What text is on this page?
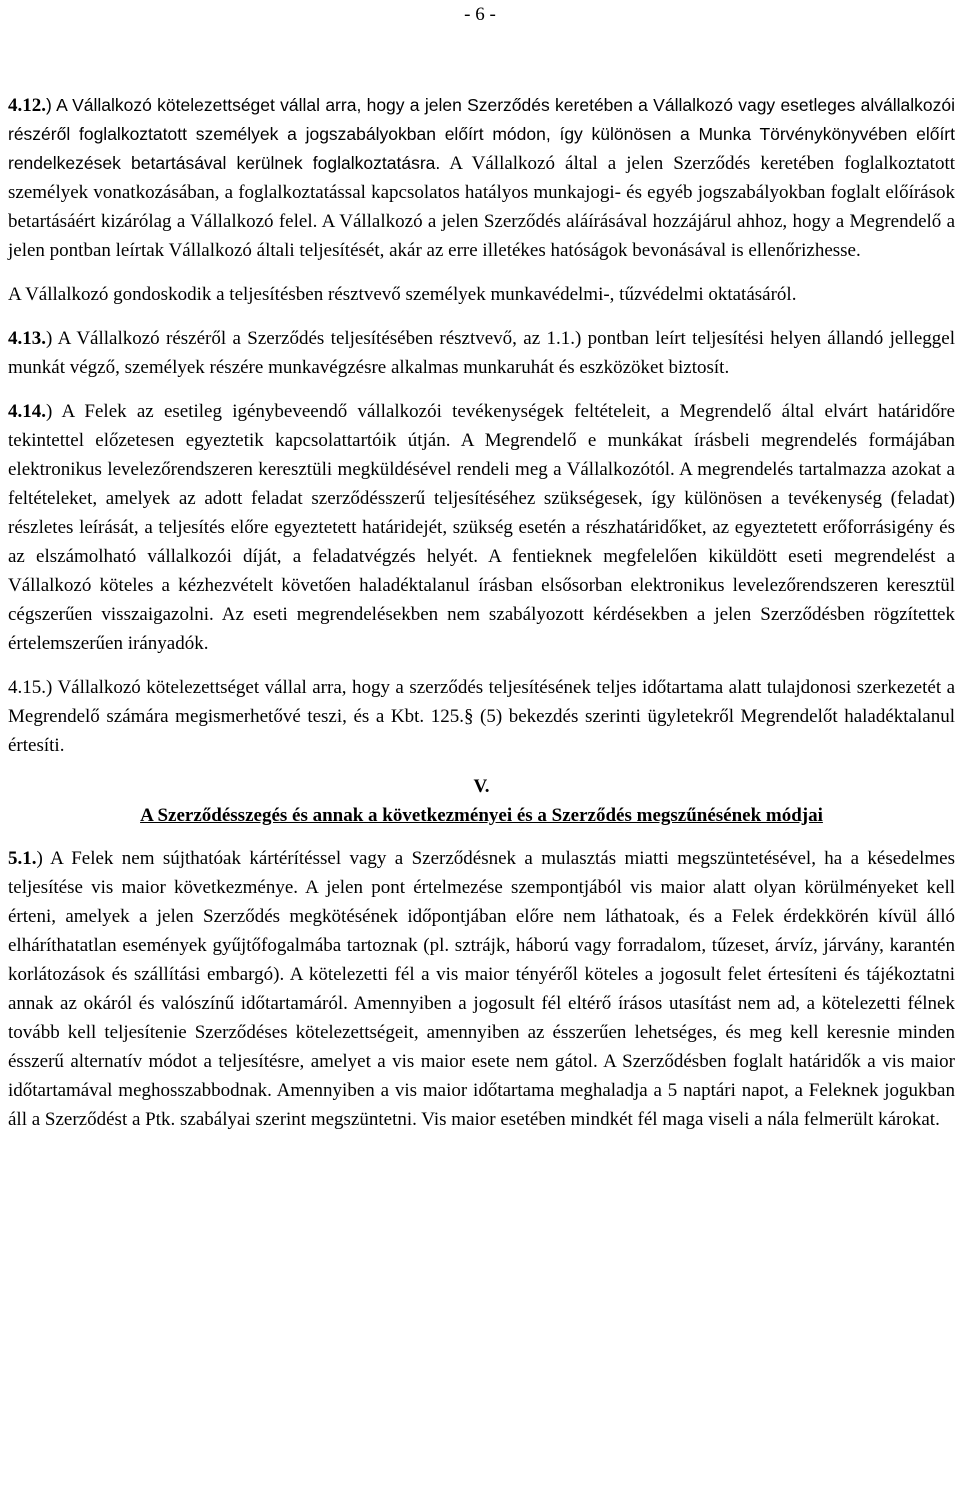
- 6 -

4.12.) A Vállalkozó kötelezettséget vállal arra, hogy a jelen Szerződés keretében a Vállalkozó vagy esetleges alvállalkozói részéről foglalkoztatott személyek a jogszabályokban előírt módon, így különösen a Munka Törvénykönyvében előírt rendelkezések betartásával kerülnek foglalkoztatásra. A Vállalkozó által a jelen Szerződés keretében foglalkoztatott személyek vonatkozásában, a foglalkoztatással kapcsolatos hatályos munkajogi- és egyéb jogszabályokban foglalt előírások betartásáért kizárólag a Vállalkozó felel. A Vállalkozó a jelen Szerződés aláírásával hozzájárul ahhoz, hogy a Megrendelő a jelen pontban leírtak Vállalkozó általi teljesítését, akár az erre illetékes hatóságok bevonásával is ellenőrizhesse.

A Vállalkozó gondoskodik a teljesítésben résztvevő személyek munkavédelmi-, tűzvédelmi oktatásáról.

4.13.) A Vállalkozó részéről a Szerződés teljesítésében résztvevő, az 1.1.) pontban leírt teljesítési helyen állandó jelleggel munkát végző, személyek részére munkavégzésre alkalmas munkaruhát és eszközöket biztosít.

4.14.) A Felek az esetileg igénybeveendő vállalkozói tevékenységek feltételeit, a Megrendelő által elvárt határidőre tekintettel előzetesen egyeztetik kapcsolattartóik útján. A Megrendelő e munkákat írásbeli megrendelés formájában elektronikus levelezőrendszeren keresztüli megküldésével rendeli meg a Vállalkozótól. A megrendelés tartalmazza azokat a feltételeket, amelyek az adott feladat szerződésszerű teljesítéséhez szükségesek, így különösen a tevékenység (feladat) részletes leírását, a teljesítés előre egyeztetett határidejét, szükség esetén a részhatáridőket, az egyeztetett erőforrásigény és az elszámolható vállalkozói díját, a feladatvégzés helyét. A fentieknek megfelelően kiküldött eseti megrendelést a Vállalkozó köteles a kézhezvételt követően haladéktalanul írásban elsősorban elektronikus levelezőrendszeren keresztül cégszerűen visszaigazolni. Az eseti megrendelésekben nem szabályozott kérdésekben a jelen Szerződésben rögzítettek értelemszerűen irányadók.

4.15.) Vállalkozó kötelezettséget vállal arra, hogy a szerződés teljesítésének teljes időtartama alatt tulajdonosi szerkezetét a Megrendelő számára megismerhetővé teszi, és a Kbt. 125.§ (5) bekezdés szerinti ügyletekről Megrendelőt haladéktalanul értesíti.

V.

A Szerződésszegés és annak a következményei és a Szerződés megszűnésének módjai

5.1.) A Felek nem sújthatóak kártérítéssel vagy a Szerződésnek a mulasztás miatti megszüntetésével, ha a késedelmes teljesítése vis maior következménye. A jelen pont értelmezése szempontjából vis maior alatt olyan körülményeket kell érteni, amelyek a jelen Szerződés megkötésének időpontjában előre nem láthatoak, és a Felek érdekkörén kívül álló elháríthatatlan események gyűjtőfogalmába tartoznak (pl. sztrájk, háború vagy forradalom, tűzeset, árvíz, járvány, karantén korlátozások és szállítási embargó). A kötelezetti fél a vis maior tényéről köteles a jogosult felet értesíteni és tájékoztatni annak az okáról és valószínű időtartamáról. Amennyiben a jogosult fél eltérő írásos utasítást nem ad, a kötelezetti félnek tovább kell teljesítenie Szerződéses kötelezettségeit, amennyiben az ésszerűen lehetséges, és meg kell keresnie minden ésszerű alternatív módot a teljesítésre, amelyet a vis maior esete nem gátol. A Szerződésben foglalt határidők a vis maior időtartamával meghosszabbodnak. Amennyiben a vis maior időtartama meghaladja a 5 naptári napot, a Feleknek jogukban áll a Szerződést a Ptk. szabályai szerint megszüntetni. Vis maior esetében mindkét fél maga viseli a nála felmerült károkat.
